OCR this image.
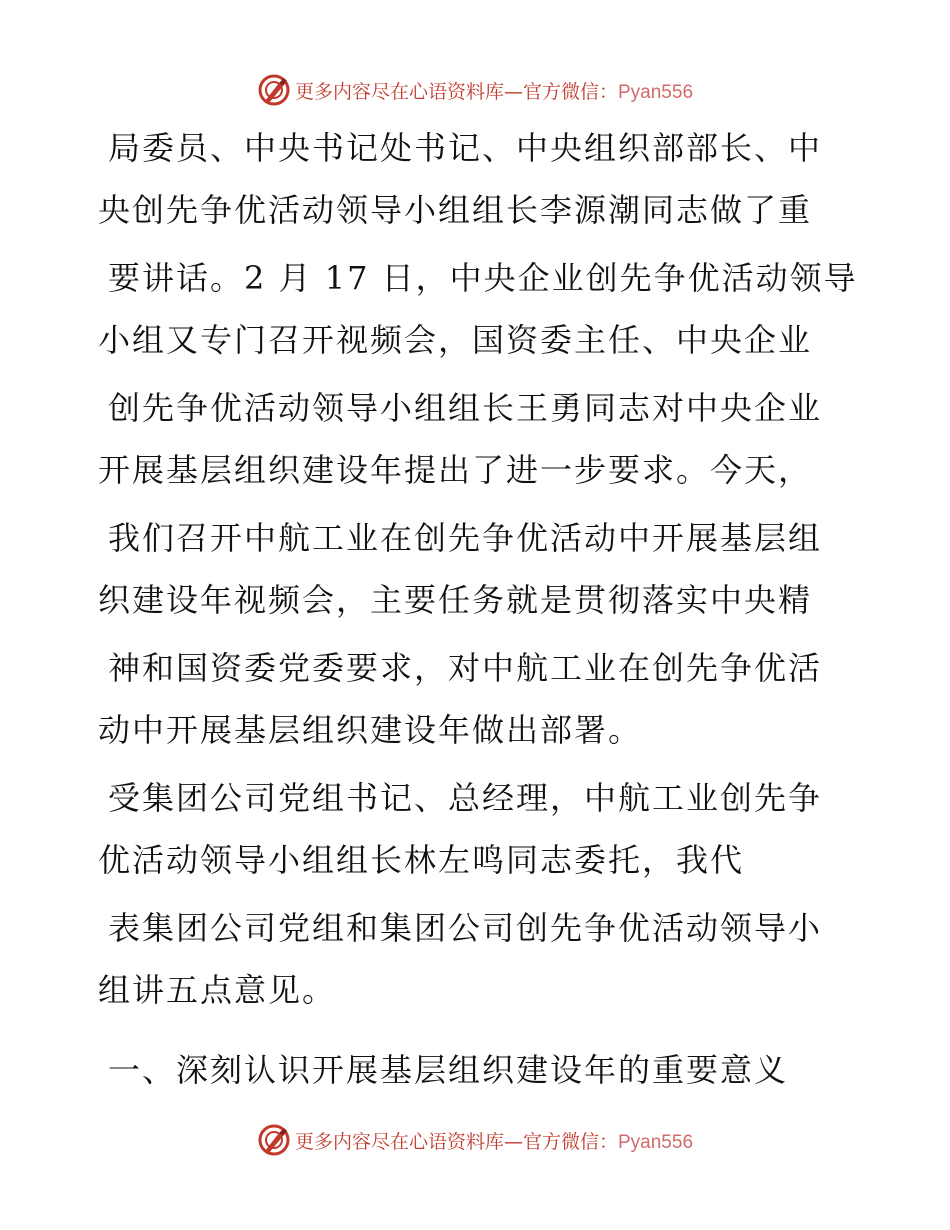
更多内容尽在心语资料库—官方微信：Pyan556
局委员、中央书记处书记、中央组织部部长、中
央创先争优活动领导小组组长李源潮同志做了重
要讲话。2 月 17 日，中央企业创先争优活动领导
小组又专门召开视频会，国资委主任、中央企业
创先争优活动领导小组组长王勇同志对中央企业
开展基层组织建设年提出了进一步要求。今天，
我们召开中航工业在创先争优活动中开展基层组
织建设年视频会，主要任务就是贯彻落实中央精
神和国资委党委要求，对中航工业在创先争优活
动中开展基层组织建设年做出部署。
受集团公司党组书记、总经理，中航工业创先争
优活动领导小组组长林左鸣同志委托，我代
表集团公司党组和集团公司创先争优活动领导小
组讲五点意见。
一、深刻认识开展基层组织建设年的重要意义
更多内容尽在心语资料库—官方微信：Pyan556
